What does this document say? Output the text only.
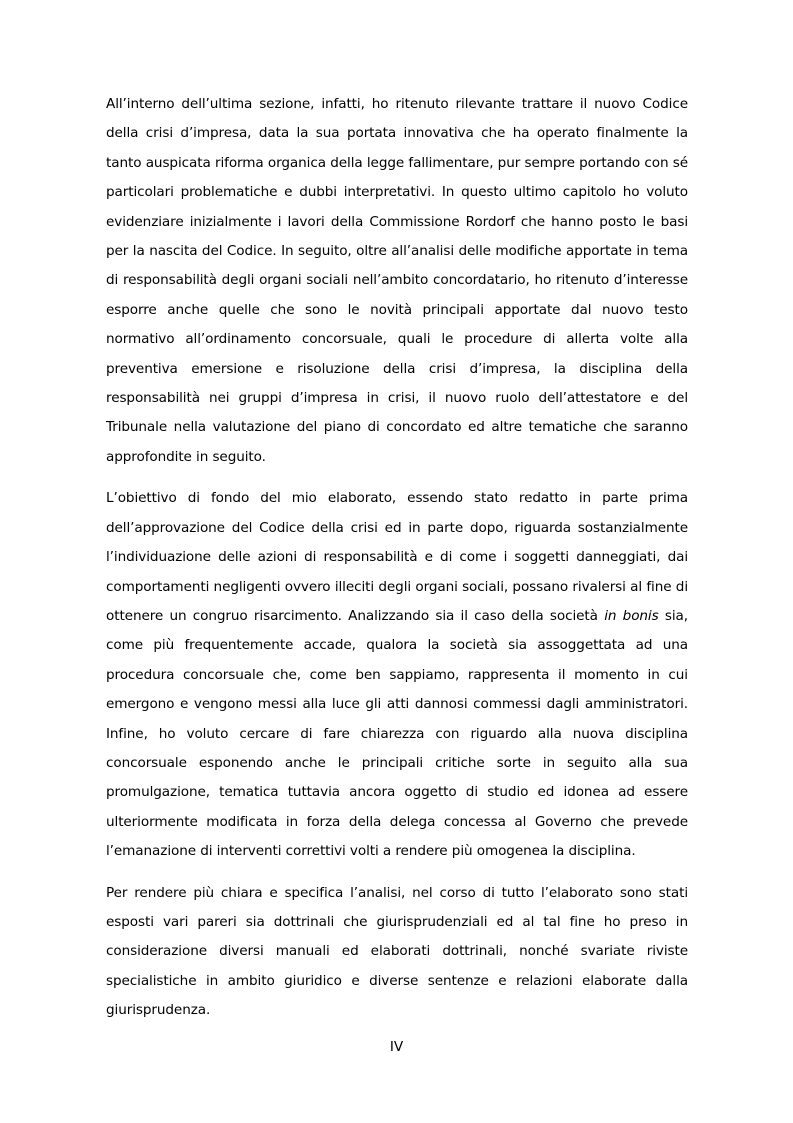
All’interno dell’ultima sezione, infatti, ho ritenuto rilevante trattare il nuovo Codice della crisi d’impresa, data la sua portata innovativa che ha operato finalmente la tanto auspicata riforma organica della legge fallimentare, pur sempre portando con sé particolari problematiche e dubbi interpretativi. In questo ultimo capitolo ho voluto evidenziare inizialmente i lavori della Commissione Rordorf che hanno posto le basi per la nascita del Codice. In seguito, oltre all’analisi delle modifiche apportate in tema di responsabilità degli organi sociali nell’ambito concordatario, ho ritenuto d’interesse esporre anche quelle che sono le novità principali apportate dal nuovo testo normativo all’ordinamento concorsuale, quali le procedure di allerta volte alla preventiva emersione e risoluzione della crisi d’impresa, la disciplina della responsabilità nei gruppi d’impresa in crisi, il nuovo ruolo dell’attestatore e del Tribunale nella valutazione del piano di concordato ed altre tematiche che saranno approfondite in seguito.

L’obiettivo di fondo del mio elaborato, essendo stato redatto in parte prima dell’approvazione del Codice della crisi ed in parte dopo, riguarda sostanzialmente l’individuazione delle azioni di responsabilità e di come i soggetti danneggiati, dai comportamenti negligenti ovvero illeciti degli organi sociali, possano rivalersi al fine di ottenere un congruo risarcimento. Analizzando sia il caso della società in bonis sia, come più frequentemente accade, qualora la società sia assoggettata ad una procedura concorsuale che, come ben sappiamo, rappresenta il momento in cui emergono e vengono messi alla luce gli atti dannosi commessi dagli amministratori. Infine, ho voluto cercare di fare chiarezza con riguardo alla nuova disciplina concorsuale esponendo anche le principali critiche sorte in seguito alla sua promulgazione, tematica tuttavia ancora oggetto di studio ed idonea ad essere ulteriormente modificata in forza della delega concessa al Governo che prevede l’emanazione di interventi correttivi volti a rendere più omogenea la disciplina.

Per rendere più chiara e specifica l’analisi, nel corso di tutto l’elaborato sono stati esposti vari pareri sia dottrinali che giurisprudenziali ed al tal fine ho preso in considerazione diversi manuali ed elaborati dottrinali, nonché svariate riviste specialistiche in ambito giuridico e diverse sentenze e relazioni elaborate dalla giurisprudenza.

IV
